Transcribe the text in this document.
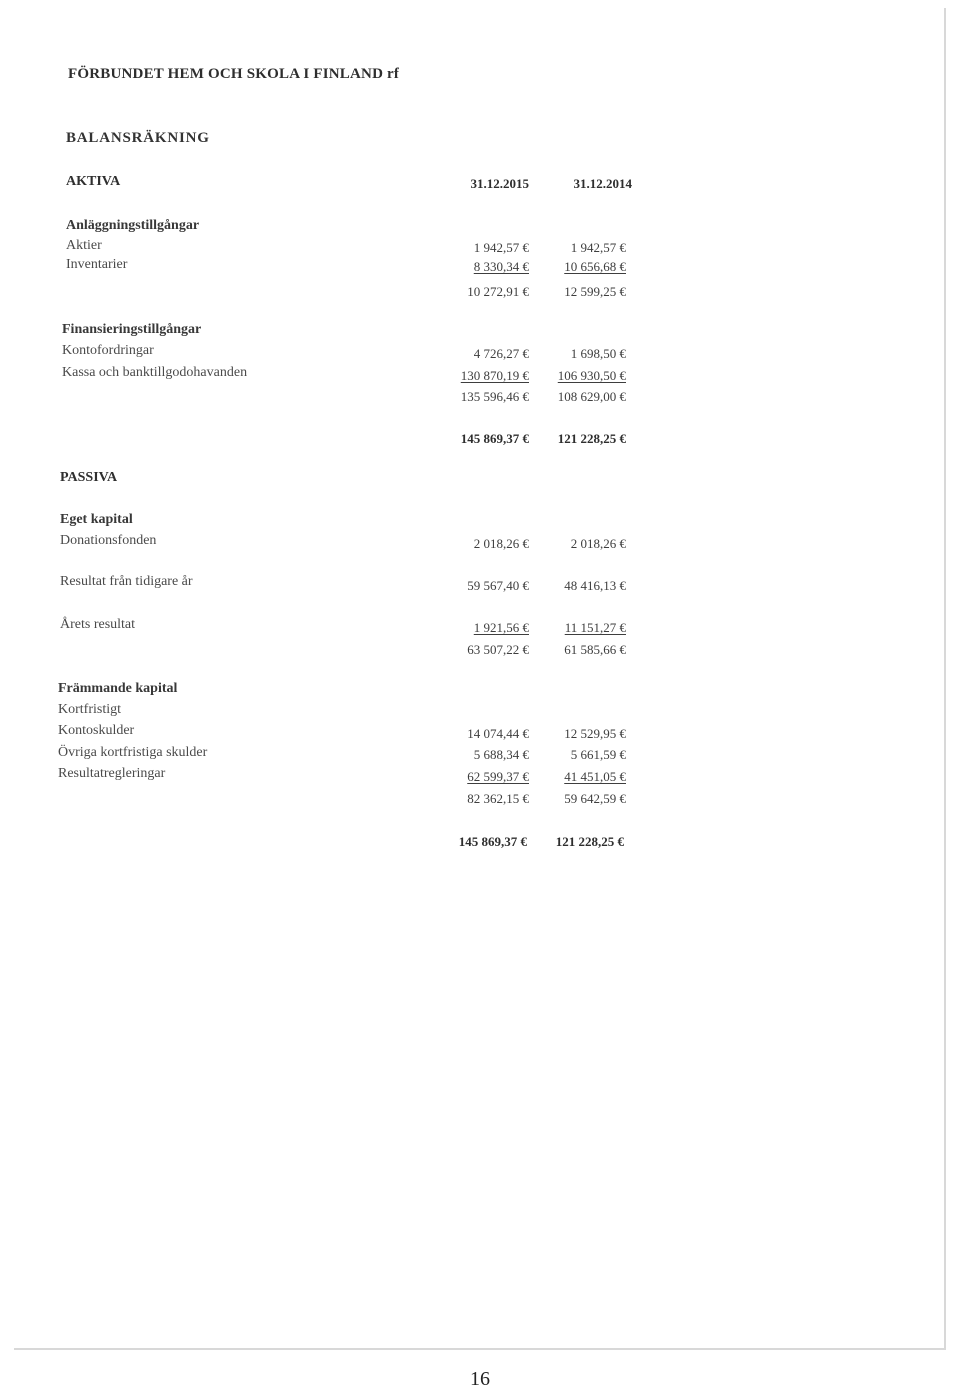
FÖRBUNDET HEM OCH SKOLA I FINLAND rf
BALANSRÄKNING
AKTIVA	31.12.2015	31.12.2014
Anläggningstillgångar
Aktier	1 942,57 €	1 942,57 €
Inventarier	8 330,34 €	10 656,68 €
10 272,91 €	12 599,25 €
Finansieringstillgångar
Kontofordringar	4 726,27 €	1 698,50 €
Kassa och banktillgodohavanden	130 870,19 €	106 930,50 €
135 596,46 €	108 629,00 €
145 869,37 €	121 228,25 €
PASSIVA
Eget kapital
Donationsfonden	2 018,26 €	2 018,26 €
Resultat från tidigare år	59 567,40 €	48 416,13 €
Årets resultat	1 921,56 €	11 151,27 €
63 507,22 €	61 585,66 €
Främmande kapital
Kortfristigt
Kontoskulder	14 074,44 €	12 529,95 €
Övriga kortfristiga skulder	5 688,34 €	5 661,59 €
Resultatregleringar	62 599,37 €	41 451,05 €
82 362,15 €	59 642,59 €
145 869,37 €	121 228,25 €
16
